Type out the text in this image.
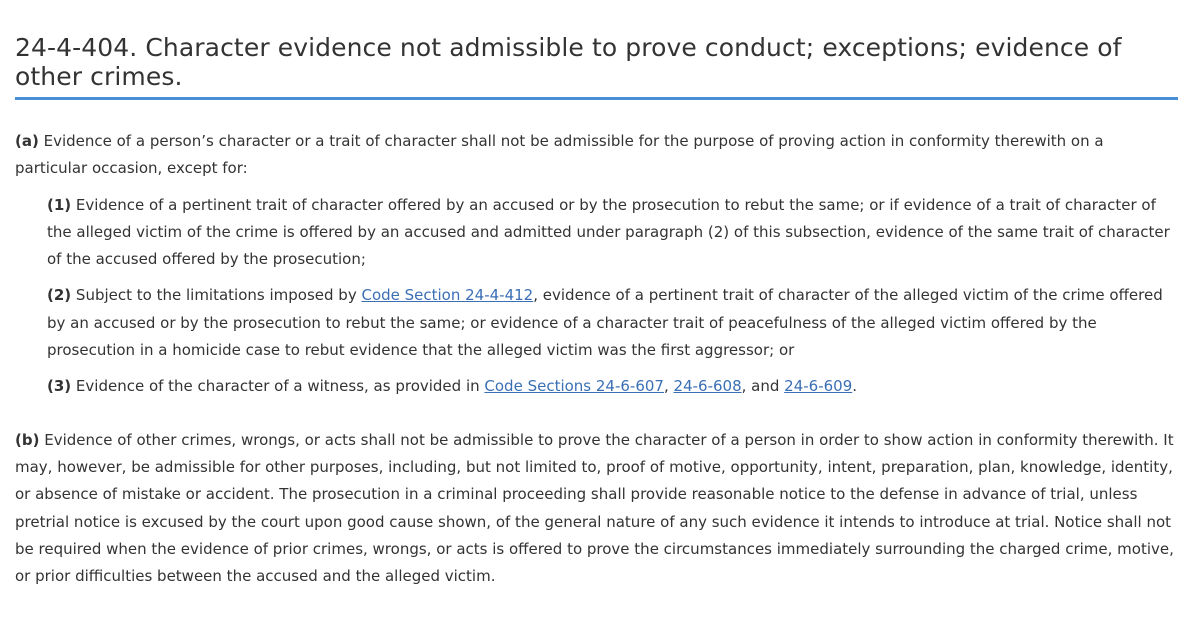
24-4-404. Character evidence not admissible to prove conduct; exceptions; evidence of other crimes.

(a) Evidence of a person’s character or a trait of character shall not be admissible for the purpose of proving action in conformity therewith on a particular occasion, except for:

(1) Evidence of a pertinent trait of character offered by an accused or by the prosecution to rebut the same; or if evidence of a trait of character of the alleged victim of the crime is offered by an accused and admitted under paragraph (2) of this subsection, evidence of the same trait of character of the accused offered by the prosecution;

(2) Subject to the limitations imposed by Code Section 24-4-412, evidence of a pertinent trait of character of the alleged victim of the crime offered by an accused or by the prosecution to rebut the same; or evidence of a character trait of peacefulness of the alleged victim offered by the prosecution in a homicide case to rebut evidence that the alleged victim was the first aggressor; or

(3) Evidence of the character of a witness, as provided in Code Sections 24-6-607, 24-6-608, and 24-6-609.

(b) Evidence of other crimes, wrongs, or acts shall not be admissible to prove the character of a person in order to show action in conformity therewith. It may, however, be admissible for other purposes, including, but not limited to, proof of motive, opportunity, intent, preparation, plan, knowledge, identity, or absence of mistake or accident. The prosecution in a criminal proceeding shall provide reasonable notice to the defense in advance of trial, unless pretrial notice is excused by the court upon good cause shown, of the general nature of any such evidence it intends to introduce at trial. Notice shall not be required when the evidence of prior crimes, wrongs, or acts is offered to prove the circumstances immediately surrounding the charged crime, motive, or prior difficulties between the accused and the alleged victim.
